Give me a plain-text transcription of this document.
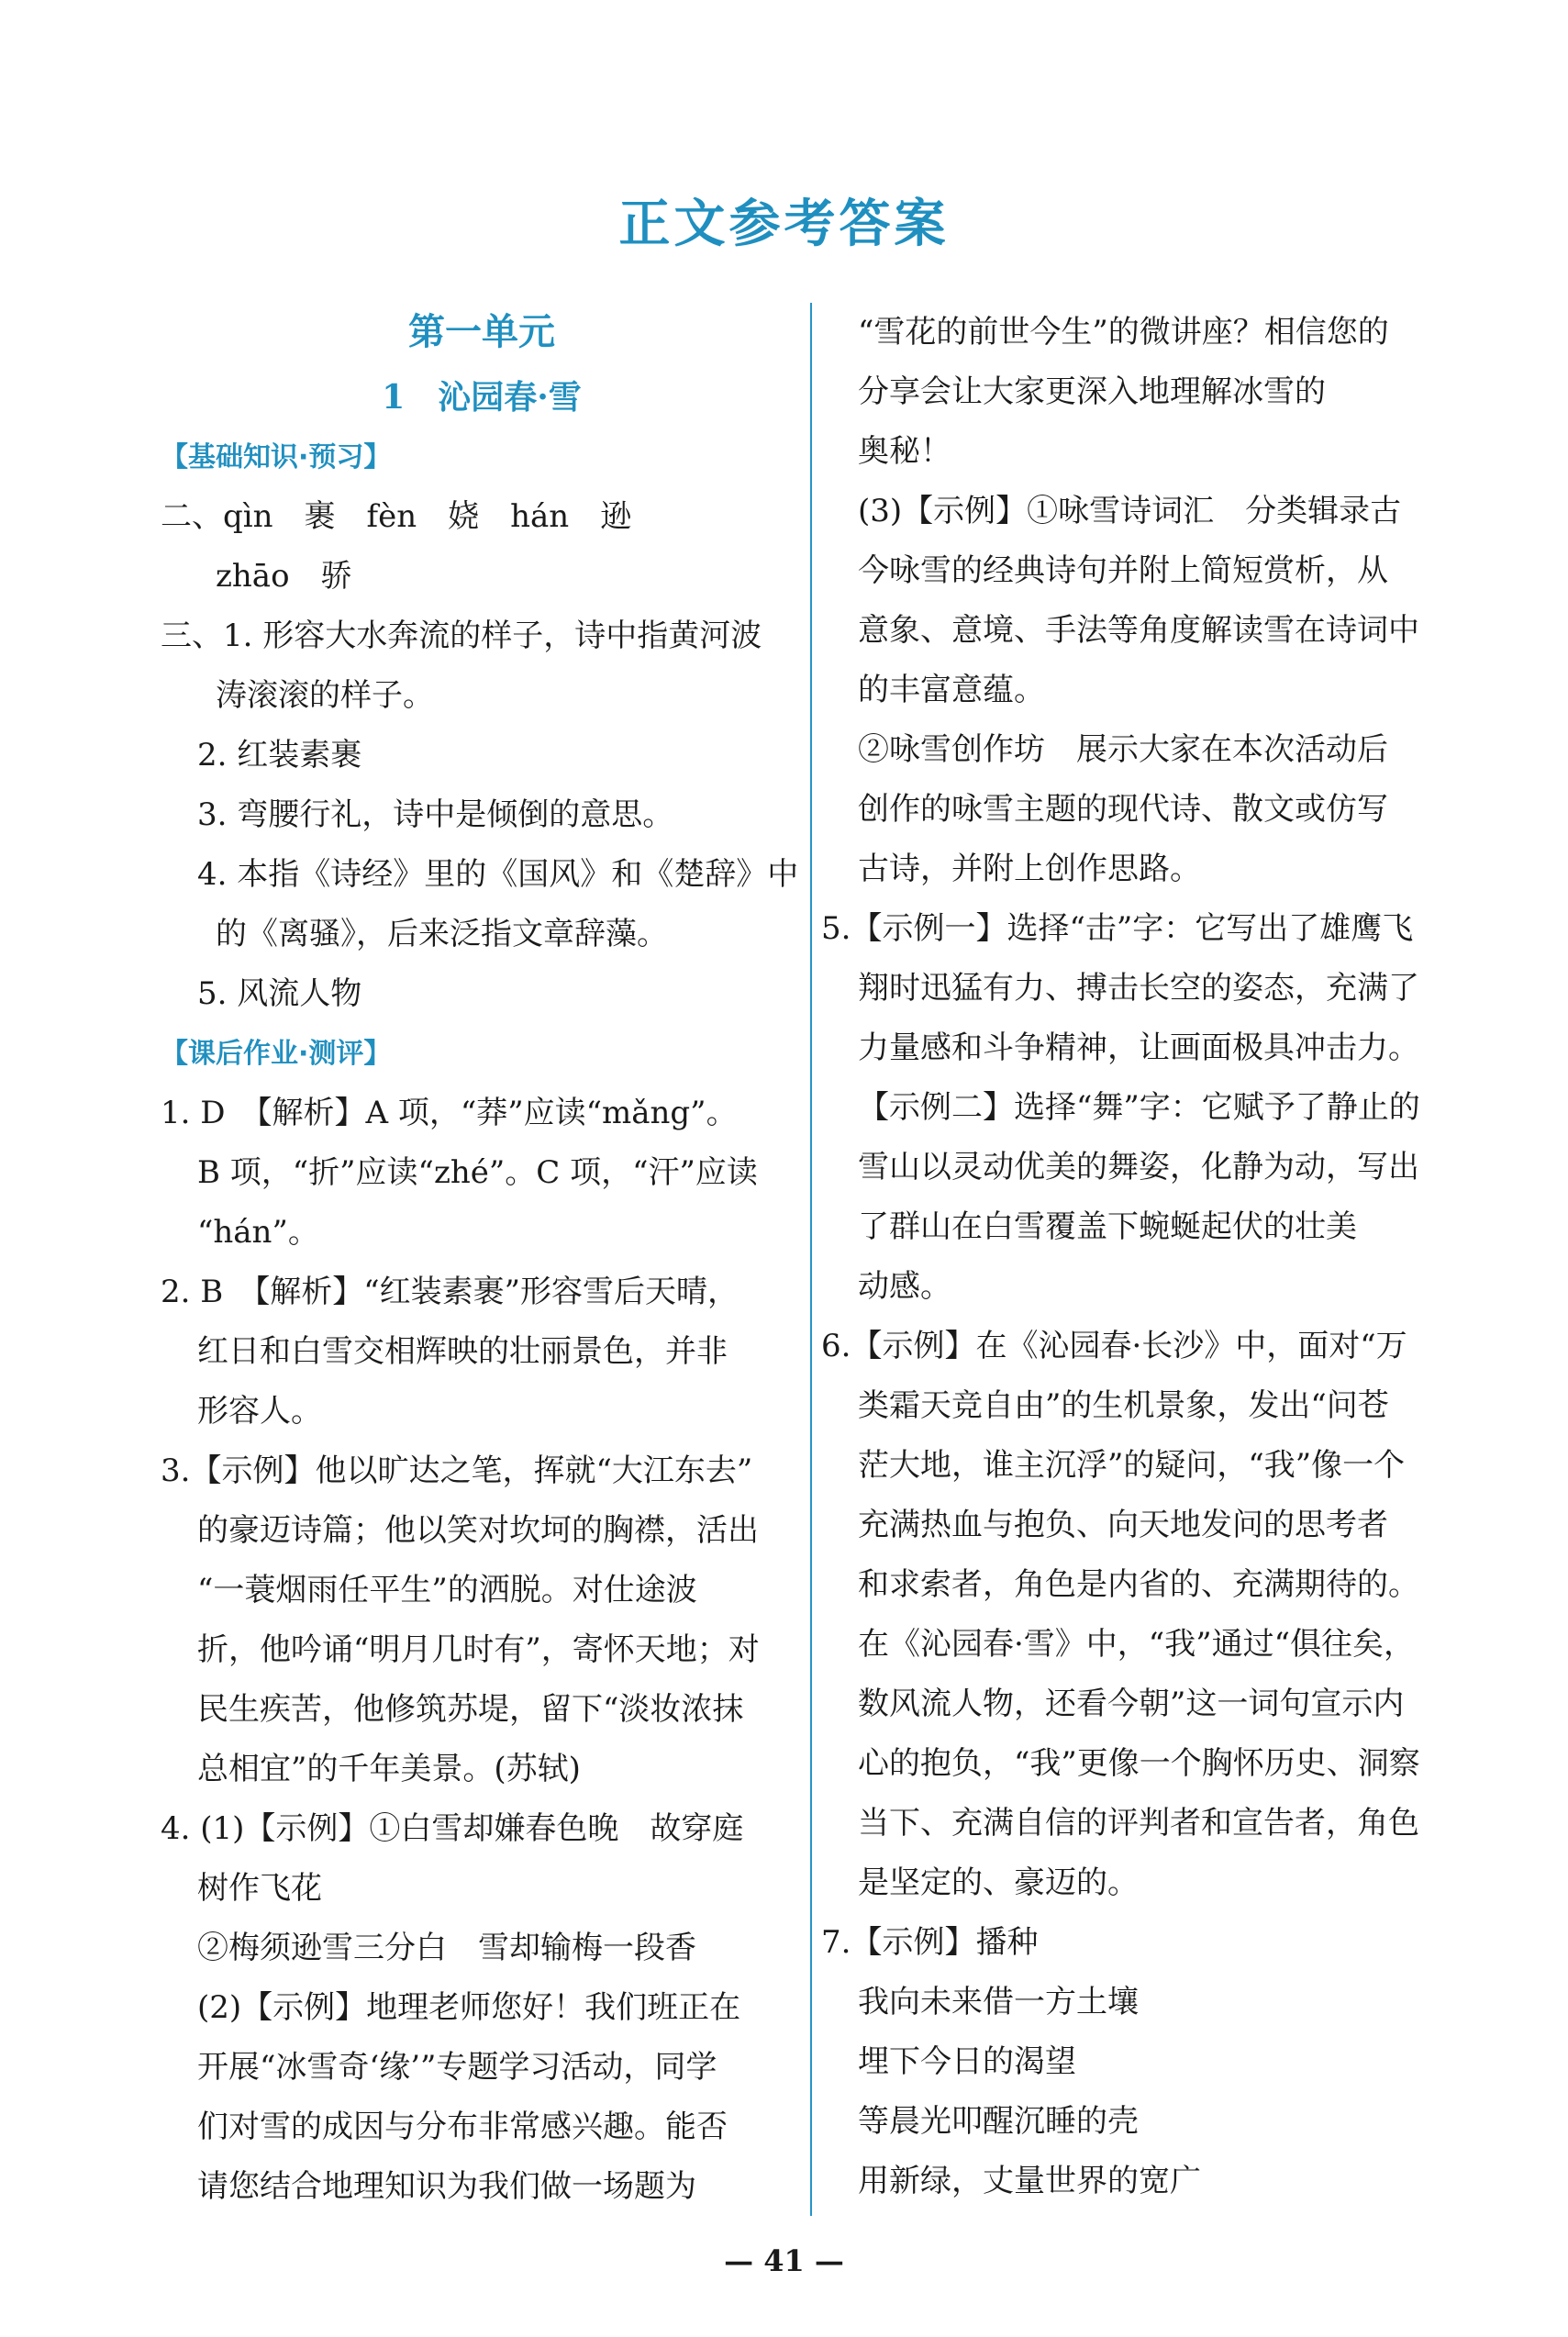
正文参考答案
第一单元
1　沁园春·雪
【基础知识·预习】
二、qìn　裹　fèn　娆　hán　逊
zhāo　骄
三、1. 形容大水奔流的样子，诗中指黄河波
涛滚滚的样子。
2. 红装素裹
3. 弯腰行礼，诗中是倾倒的意思。
4. 本指《诗经》里的《国风》和《楚辞》中
的《离骚》，后来泛指文章辞藻。
5. 风流人物
【课后作业·测评】
1. D　【解析】A 项，“莽”应读“mǎng”。
B 项，“折”应读“zhé”。C 项，“汗”应读
“hán”。
2. B　【解析】“红装素裹”形容雪后天晴，
红日和白雪交相辉映的壮丽景色，并非
形容人。
3.【示例】他以旷达之笔，挥就“大江东去”
的豪迈诗篇；他以笑对坎坷的胸襟，活出
“一蓑烟雨任平生”的洒脱。对仕途波
折，他吟诵“明月几时有”，寄怀天地；对
民生疾苦，他修筑苏堤，留下“淡妆浓抹
总相宜”的千年美景。(苏轼)
4. (1)【示例】①白雪却嫌春色晚　故穿庭
树作飞花
②梅须逊雪三分白　雪却输梅一段香
(2)【示例】地理老师您好！我们班正在
开展“冰雪奇‘缘’”专题学习活动，同学
们对雪的成因与分布非常感兴趣。能否
请您结合地理知识为我们做一场题为
“雪花的前世今生”的微讲座？相信您的
分享会让大家更深入地理解冰雪的
奥秘！
(3)【示例】①咏雪诗词汇　分类辑录古
今咏雪的经典诗句并附上简短赏析，从
意象、意境、手法等角度解读雪在诗词中
的丰富意蕴。
②咏雪创作坊　展示大家在本次活动后
创作的咏雪主题的现代诗、散文或仿写
古诗，并附上创作思路。
5.【示例一】选择“击”字：它写出了雄鹰飞
翔时迅猛有力、搏击长空的姿态，充满了
力量感和斗争精神，让画面极具冲击力。
【示例二】选择“舞”字：它赋予了静止的
雪山以灵动优美的舞姿，化静为动，写出
了群山在白雪覆盖下蜿蜒起伏的壮美
动感。
6.【示例】在《沁园春·长沙》中，面对“万
类霜天竞自由”的生机景象，发出“问苍
茫大地，谁主沉浮”的疑问，“我”像一个
充满热血与抱负、向天地发问的思考者
和求索者，角色是内省的、充满期待的。
在《沁园春·雪》中，“我”通过“俱往矣，
数风流人物，还看今朝”这一词句宣示内
心的抱负，“我”更像一个胸怀历史、洞察
当下、充满自信的评判者和宣告者，角色
是坚定的、豪迈的。
7.【示例】播种
我向未来借一方土壤
埋下今日的渴望
等晨光叩醒沉睡的壳
用新绿，丈量世界的宽广
— 41 —
